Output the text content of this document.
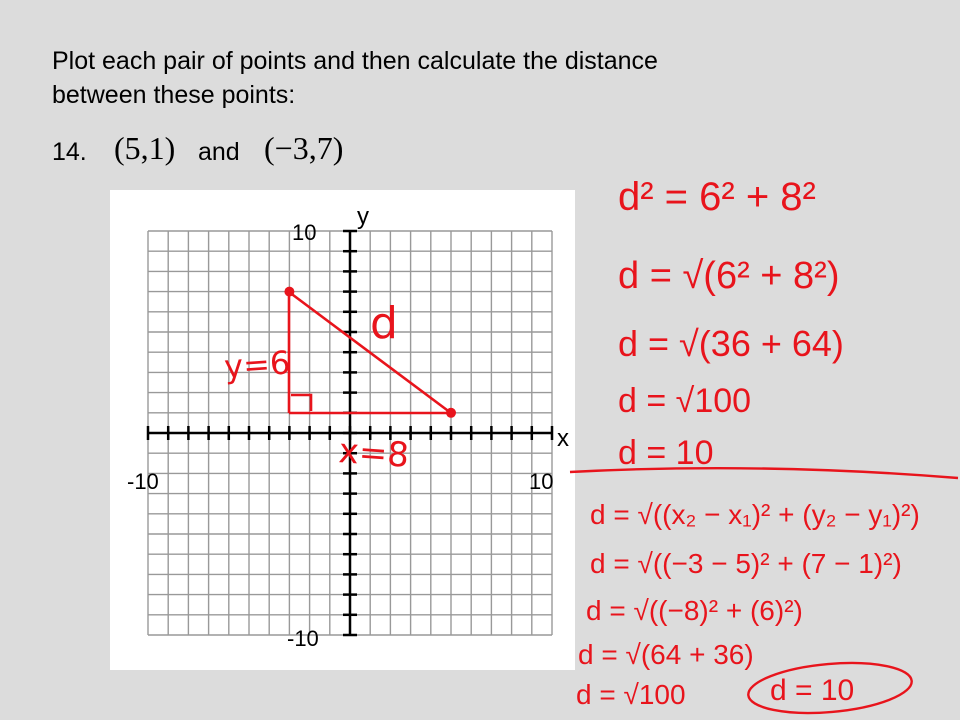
Plot each pair of points and then calculate the distance
between these points:
14. (5,1) and (−3,7)
y
x
10
-10
-10	10
y=6
x=8
d
d² = 6² + 8²
d = √(6² + 8²)
d = √(36 + 64)
d = √100
d = 10
d = √((x₂ − x₁)² + (y₂ − y₁)²)
d = √((−3 − 5)² + (7 − 1)²)
d = √((−8)² + (6)²)
d = √(64 + 36)
d = √100	d = 10
